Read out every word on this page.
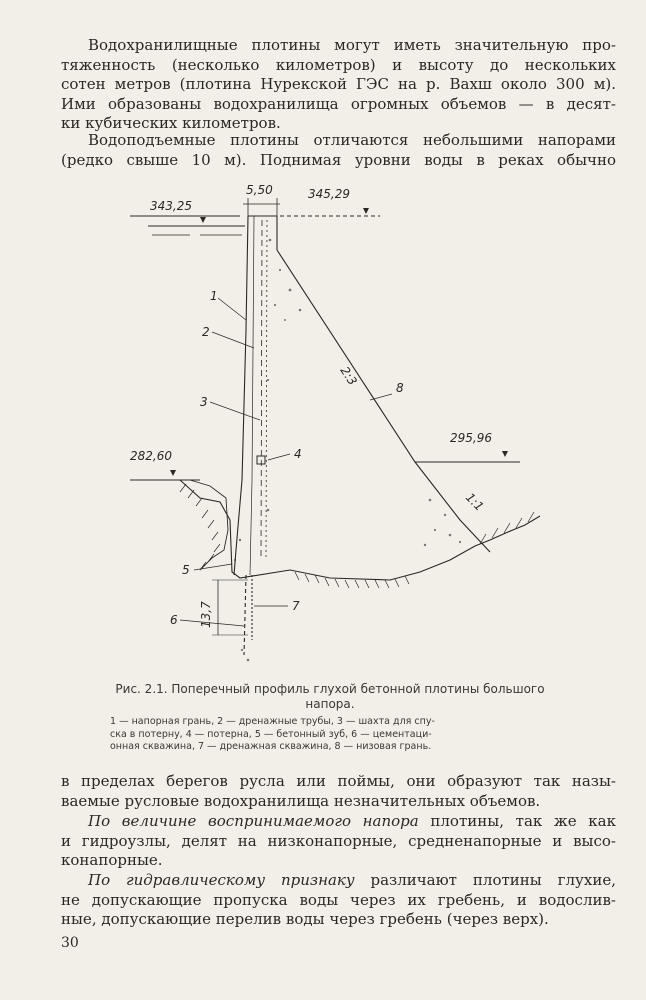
Водохранилищные плотины могут иметь значительную про-
тяженность (несколько километров) и высоту до нескольких
сотен метров (плотина Нурекской ГЭС на р. Вахш около 300 м).
Ими образованы водохранилища огромных объемов — в десят-
ки кубических километров.
Водоподъемные плотины отличаются небольшими напорами
(редко свыше 10 м). Поднимая уровни воды в реках обычно
5,50
343,25
345,29
2:3
1:1
295,96
282,60
13,7
1
2
3
4
5
6
7
8
Рис. 2.1. Поперечный профиль глухой бетонной плотины большого напора.
1 — напорная грань, 2 — дренажные трубы, 3 — шахта для спу-
ска в потерну, 4 — потерна, 5 — бетонный зуб, 6 — цементаци-
онная скважина, 7 — дренажная скважина, 8 — низовая грань.
в пределах берегов русла или поймы, они образуют так назы-
ваемые русловые водохранилища незначительных объемов.
По величине воспринимаемого напора плотины, так же как
и гидроузлы, делят на низконапорные, средненапорные и высо-
конапорные.
По гидравлическому признаку различают плотины глухие,
не допускающие пропуска воды через их гребень, и водослив-
ные, допускающие перелив воды через гребень (через верх).
30
